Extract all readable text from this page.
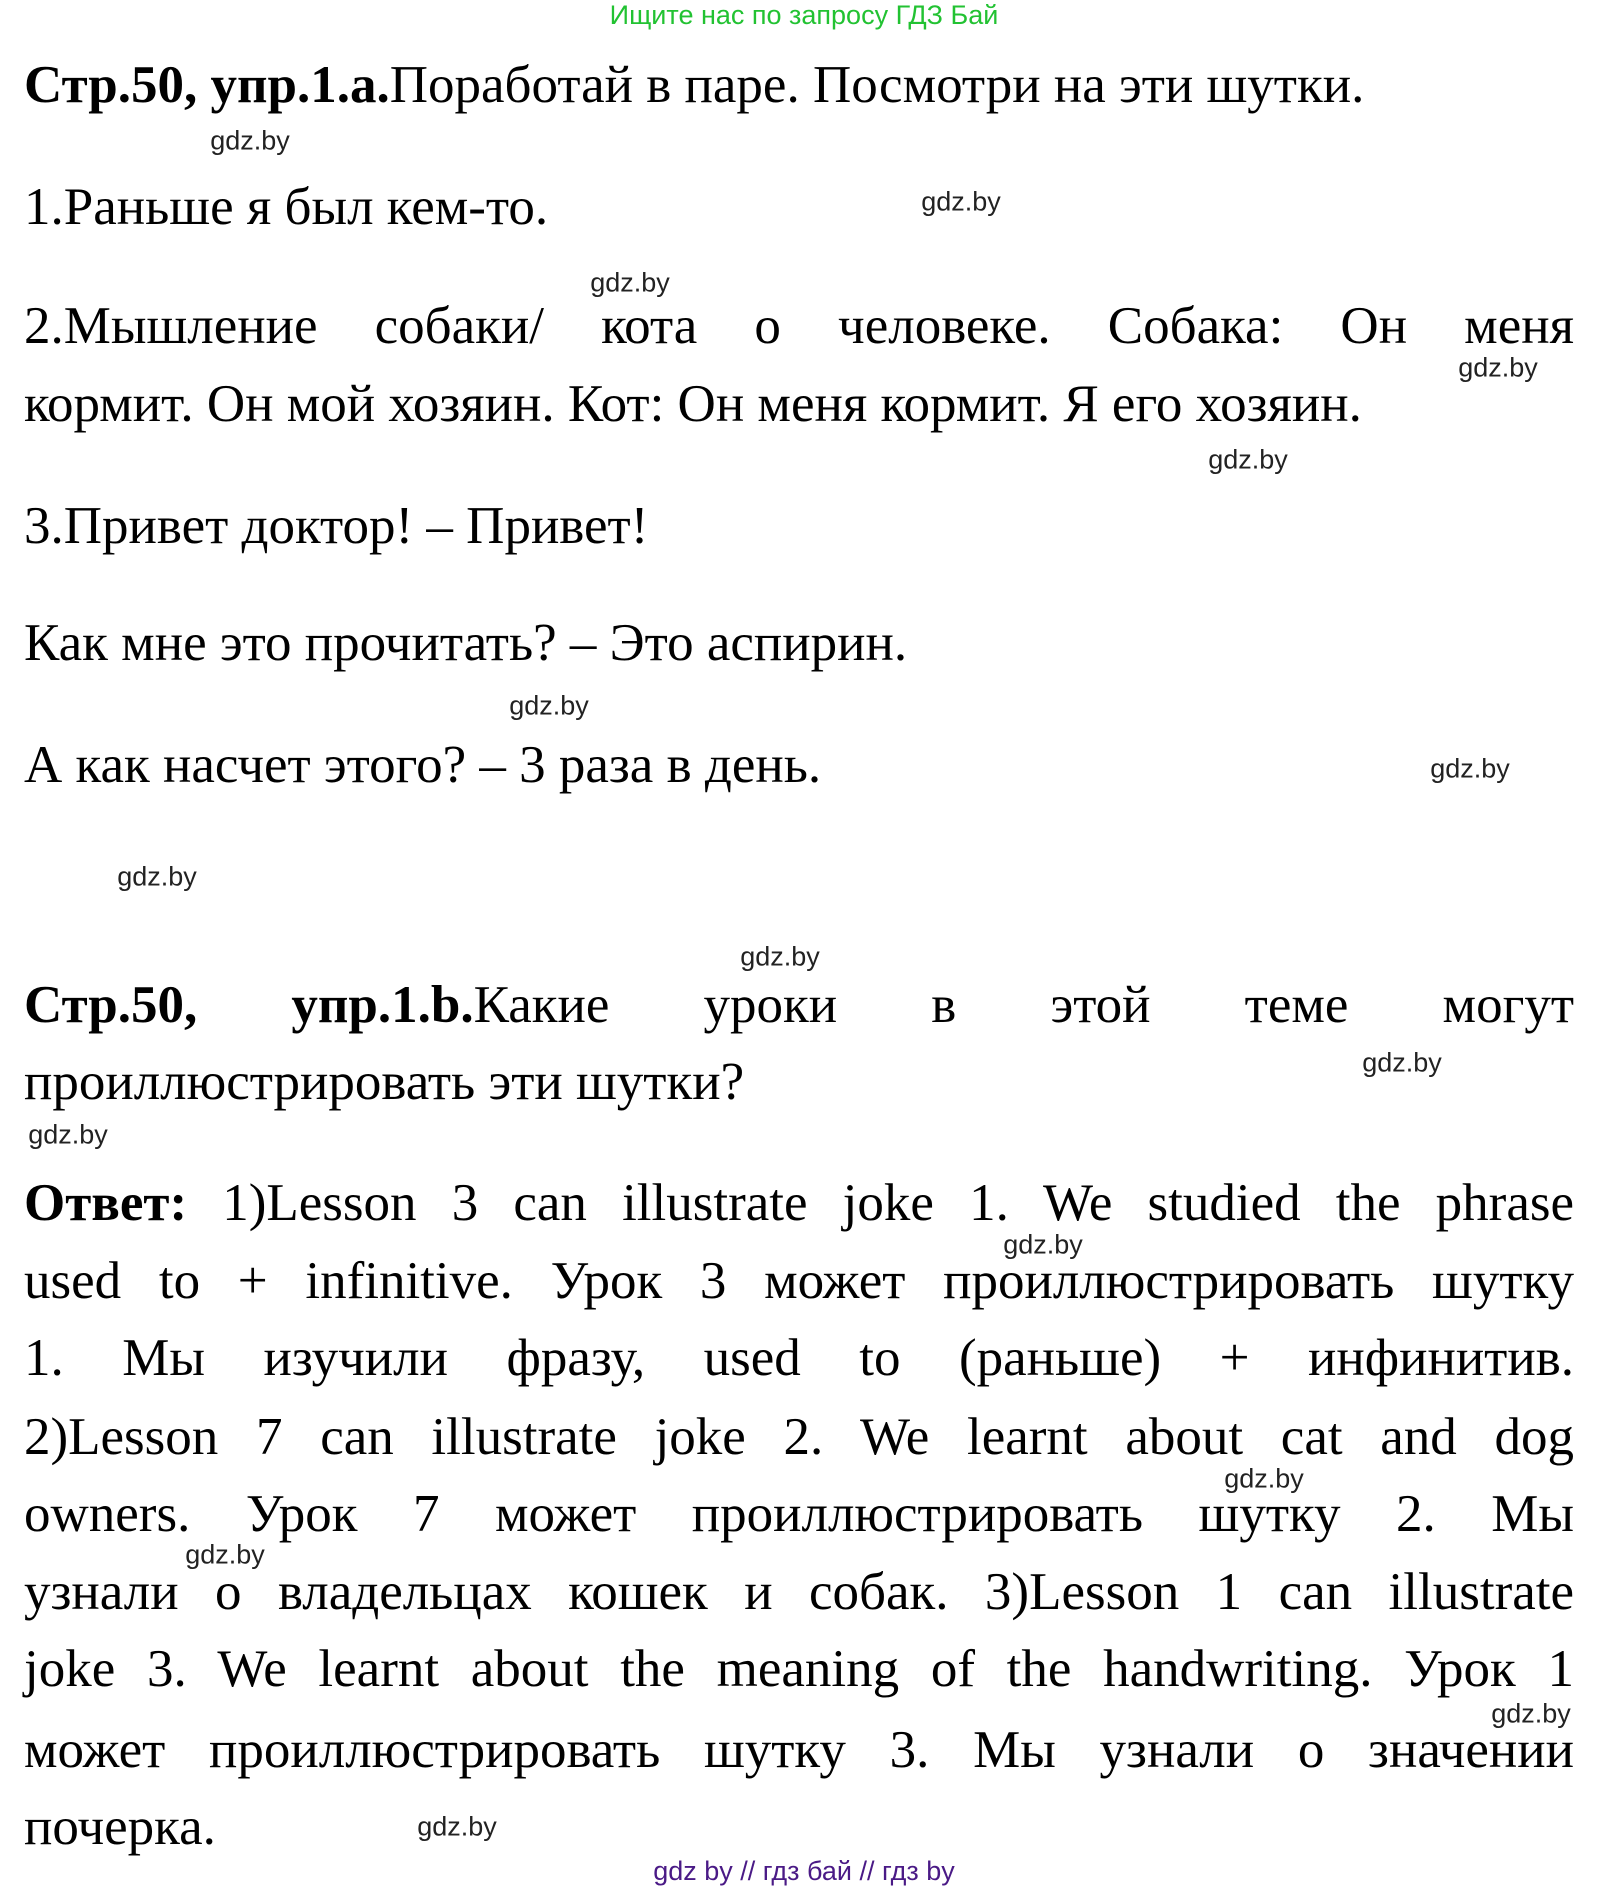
Ищите нас по запросу ГДЗ Бай
Стр.50, упр.1.а.Поработай в паре. Посмотри на эти шутки.
1.Раньше я был кем-то.
2.Мышление собаки/ кота о человеке. Собака: Он меня
кормит. Он мой хозяин. Кот: Он меня кормит. Я его хозяин.
3.Привет доктор! – Привет!
Как мне это прочитать? – Это аспирин.
А как насчет этого? – 3 раза в день.
Стр.50, упр.1.b.Какие уроки в этой теме могут
проиллюстрировать эти шутки?
Ответ: 1)Lesson 3 can illustrate joke 1. We studied the phrase
used to + infinitive. Урок 3 может проиллюстрировать шутку
1. Мы изучили фразу, used to (раньше) + инфинитив.
2)Lesson 7 can illustrate joke 2. We learnt about cat and dog
owners. Урок 7 может проиллюстрировать шутку 2. Мы
узнали о владельцах кошек и собак. 3)Lesson 1 can illustrate
joke 3. We learnt about the meaning of the handwriting. Урок 1
может проиллюстрировать шутку 3. Мы узнали о значении
почерка.
gdz.by
gdz.by
gdz.by
gdz.by
gdz.by
gdz.by
gdz.by
gdz.by
gdz.by
gdz.by
gdz.by
gdz.by
gdz.by
gdz.by
gdz.by
gdz.by
gdz by // гдз бай // гдз by
